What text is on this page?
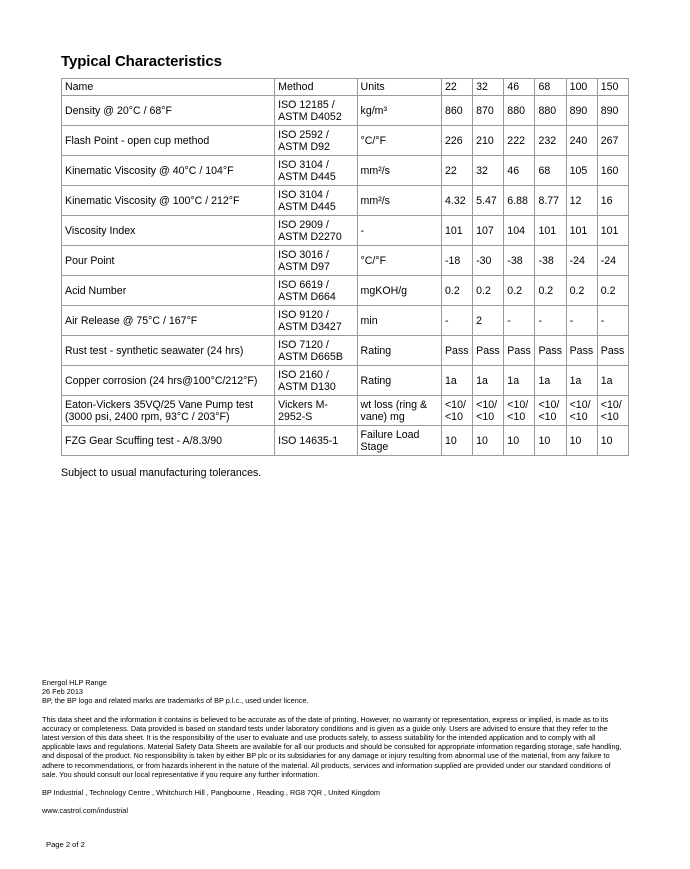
Typical Characteristics
Name	Method	Units	22	32	46	68	100	150
Density @ 20°C / 68°F	ISO 12185 / ASTM D4052	kg/m³	860	870	880	880	890	890
Flash Point - open cup method	ISO 2592 / ASTM D92	°C/°F	226	210	222	232	240	267
Kinematic Viscosity @ 40°C / 104°F	ISO 3104 / ASTM D445	mm²/s	22	32	46	68	105	160
Kinematic Viscosity @ 100°C / 212°F	ISO 3104 / ASTM D445	mm²/s	4.32	5.47	6.88	8.77	12	16
Viscosity Index	ISO 2909 / ASTM D2270	-	101	107	104	101	101	101
Pour Point	ISO 3016 / ASTM D97	°C/°F	-18	-30	-38	-38	-24	-24
Acid Number	ISO 6619 / ASTM D664	mgKOH/g	0.2	0.2	0.2	0.2	0.2	0.2
Air Release @ 75°C / 167°F	ISO 9120 / ASTM D3427	min	-	2	-	-	-	-
Rust test - synthetic seawater (24 hrs)	ISO 7120 / ASTM D665B	Rating	Pass	Pass	Pass	Pass	Pass	Pass
Copper corrosion (24 hrs@100°C/212°F)	ISO 2160 / ASTM D130	Rating	1a	1a	1a	1a	1a	1a
Eaton-Vickers 35VQ/25 Vane Pump test (3000 psi, 2400 rpm, 93°C / 203°F)	Vickers M-2952-S	wt loss (ring & vane) mg	<10/ <10	<10/ <10	<10/ <10	<10/ <10	<10/ <10	<10/ <10
FZG Gear Scuffing test - A/8.3/90	ISO 14635-1	Failure Load Stage	10	10	10	10	10	10
Subject to usual manufacturing tolerances.

Energol HLP Range

26 Feb 2013

BP, the BP logo and related marks are trademarks of BP p.l.c., used under licence.

This data sheet and the information it contains is believed to be accurate as of the date of printing. However, no warranty or representation, express or implied, is made as to its accuracy or completeness. Data provided is based on standard tests under laboratory conditions and is given as a guide only. Users are advised to ensure that they refer to the latest version of this data sheet. It is the responsibility of the user to evaluate and use products safely, to assess suitability for the intended application and to comply with all applicable laws and regulations. Material Safety Data Sheets are available for all our products and should be consulted for appropriate information regarding storage, safe handling, and disposal of the product. No responsibility is taken by either BP plc or its subsidiaries for any damage or injury resulting from abnormal use of the material, from any failure to adhere to recommendations, or from hazards inherent in the nature of the material. All products, services and information supplied are provided under our standard conditions of sale. You should consult our local representative if you require any further information.

BP Industrial , Technology Centre , Whitchurch Hill , Pangbourne , Reading , RG8 7QR , United Kingdom

www.castrol.com/industrial

Page 2 of 2
